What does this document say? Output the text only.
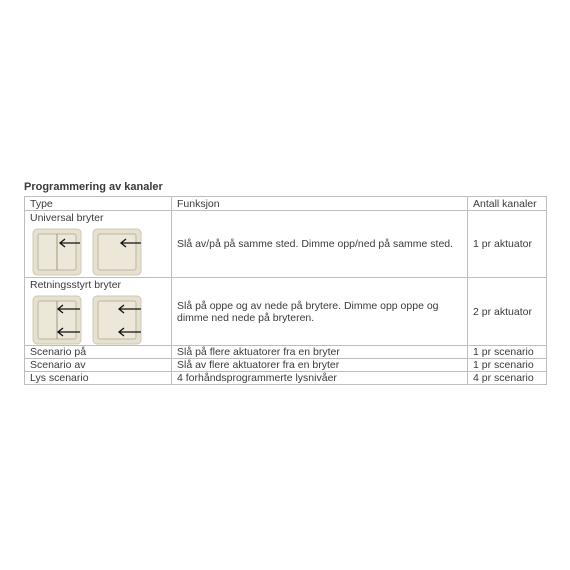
Programmering av kanaler
Type	Funksjon	Antall kanaler

Universal bryter	Slå av/på på samme sted. Dimme opp/ned på samme sted.	1 pr aktuator

Retningsstyrt bryter	Slå på oppe og av nede på brytere. Dimme opp oppe og dimme ned nede på bryteren.	2 pr aktuator
Scenario på	Slå på flere aktuatorer fra en bryter	1 pr scenario
Scenario av	Slå av flere aktuatorer fra en bryter	1 pr scenario
Lys scenario	4 forhåndsprogrammerte lysnivåer	4 pr scenario
